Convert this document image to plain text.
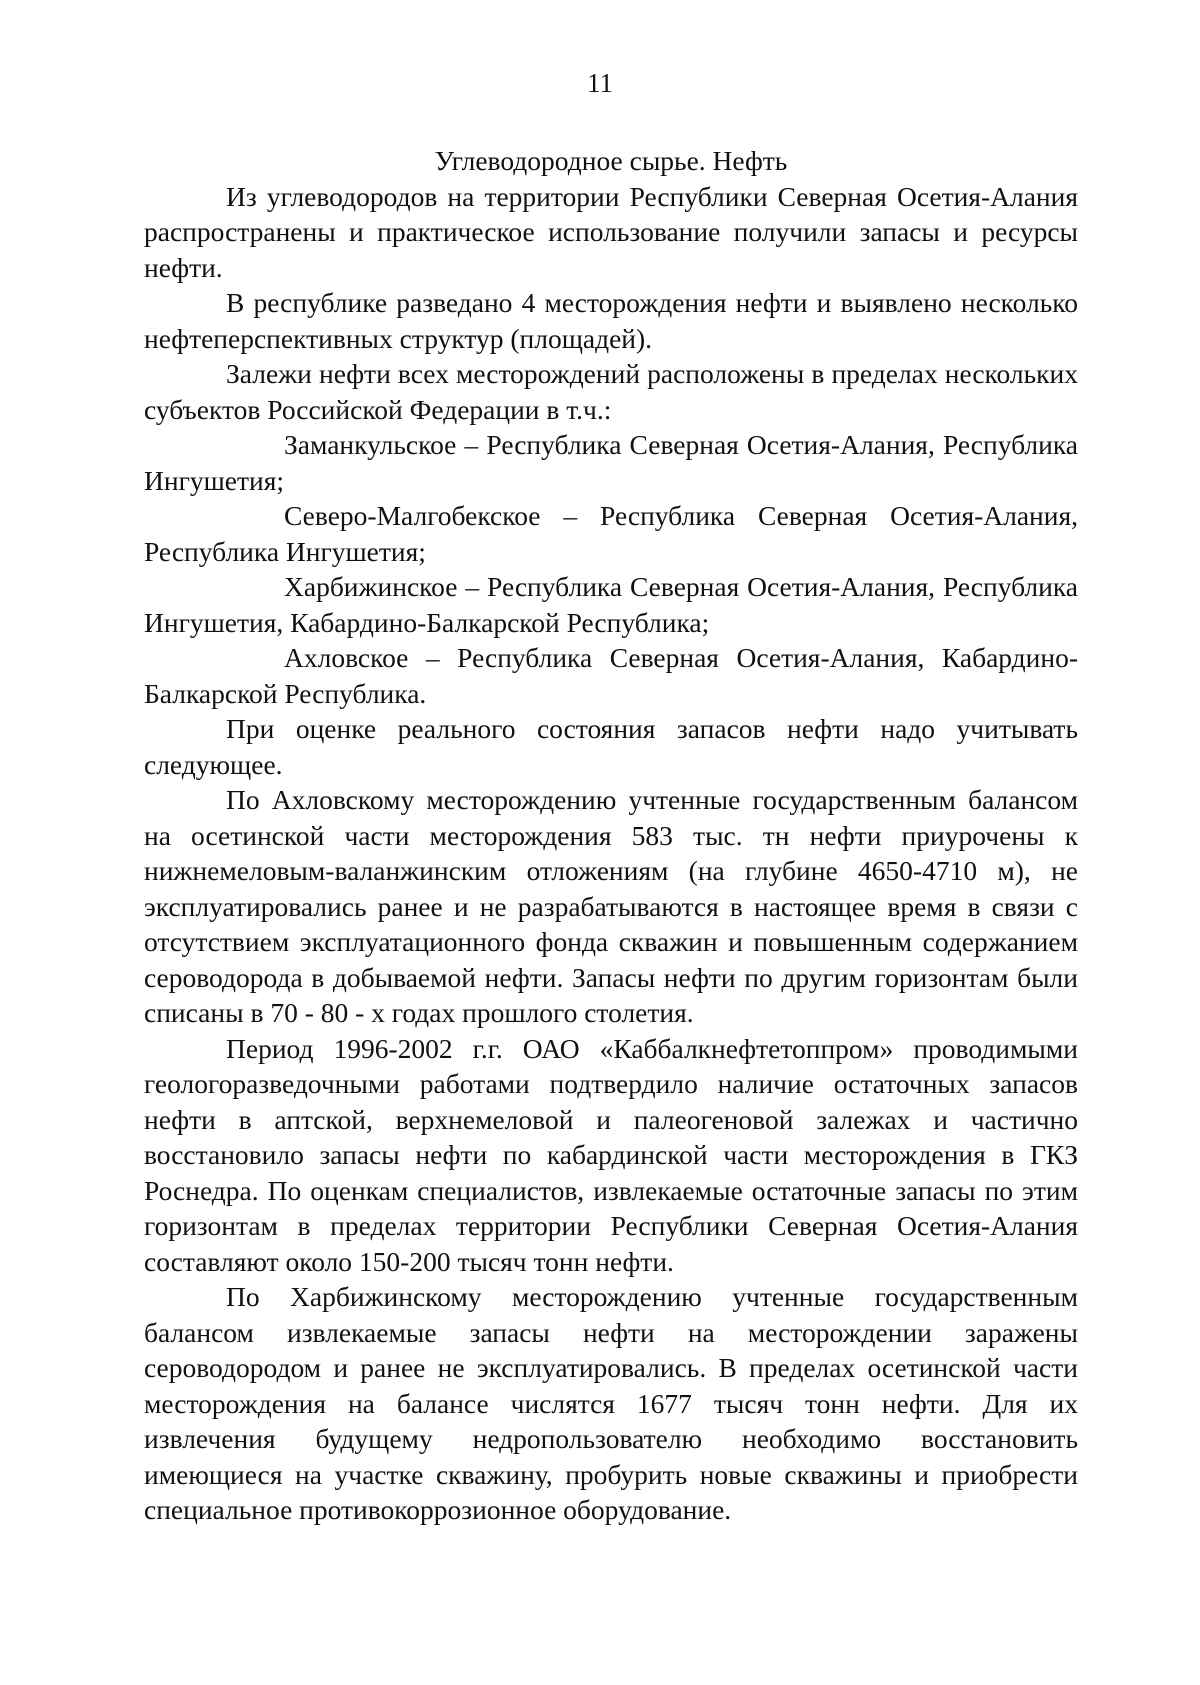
11
Углеводородное сырье. Нефть

Из углеводородов на территории Республики Северная Осетия-Алания распространены и практическое использование получили запасы и ресурсы нефти.

В республике разведано 4 месторождения нефти и выявлено несколько нефтеперспективных структур (площадей).

Залежи нефти всех месторождений расположены в пределах нескольких субъектов Российской Федерации в т.ч.:

Заманкульское – Республика Северная Осетия-Алания, Республика Ингушетия;

Северо-Малгобекское – Республика Северная Осетия-Алания, Республика Ингушетия;

Харбижинское – Республика Северная Осетия-Алания, Республика Ингушетия, Кабардино-Балкарской Республика;

Ахловское – Республика Северная Осетия-Алания, Кабардино-Балкарской Республика.

При оценке реального состояния запасов нефти надо учитывать следующее.

По Ахловскому месторождению учтенные государственным балансом на осетинской части месторождения 583 тыс. тн нефти приурочены к нижнемеловым-валанжинским отложениям (на глубине 4650-4710 м), не эксплуатировались ранее и не разрабатываются в настоящее время в связи с отсутствием эксплуатационного фонда скважин и повышенным содержанием сероводорода в добываемой нефти. Запасы нефти по другим горизонтам были списаны в 70 - 80 - х годах прошлого столетия.

Период 1996-2002 г.г. ОАО «Каббалкнефтетоппром» проводимыми геологоразведочными работами подтвердило наличие остаточных запасов нефти в аптской, верхнемеловой и палеогеновой залежах и частично восстановило запасы нефти по кабардинской части месторождения в ГКЗ Роснедра. По оценкам специалистов, извлекаемые остаточные запасы по этим горизонтам в пределах территории Республики Северная Осетия-Алания составляют около 150-200 тысяч тонн нефти.

По Харбижинскому месторождению учтенные государственным балансом извлекаемые запасы нефти на месторождении заражены сероводородом и ранее не эксплуатировались. В пределах осетинской части месторождения на балансе числятся 1677 тысяч тонн нефти. Для их извлечения будущему недропользователю необходимо восстановить имеющиеся на участке скважину, пробурить новые скважины и приобрести специальное противокоррозионное оборудование.
